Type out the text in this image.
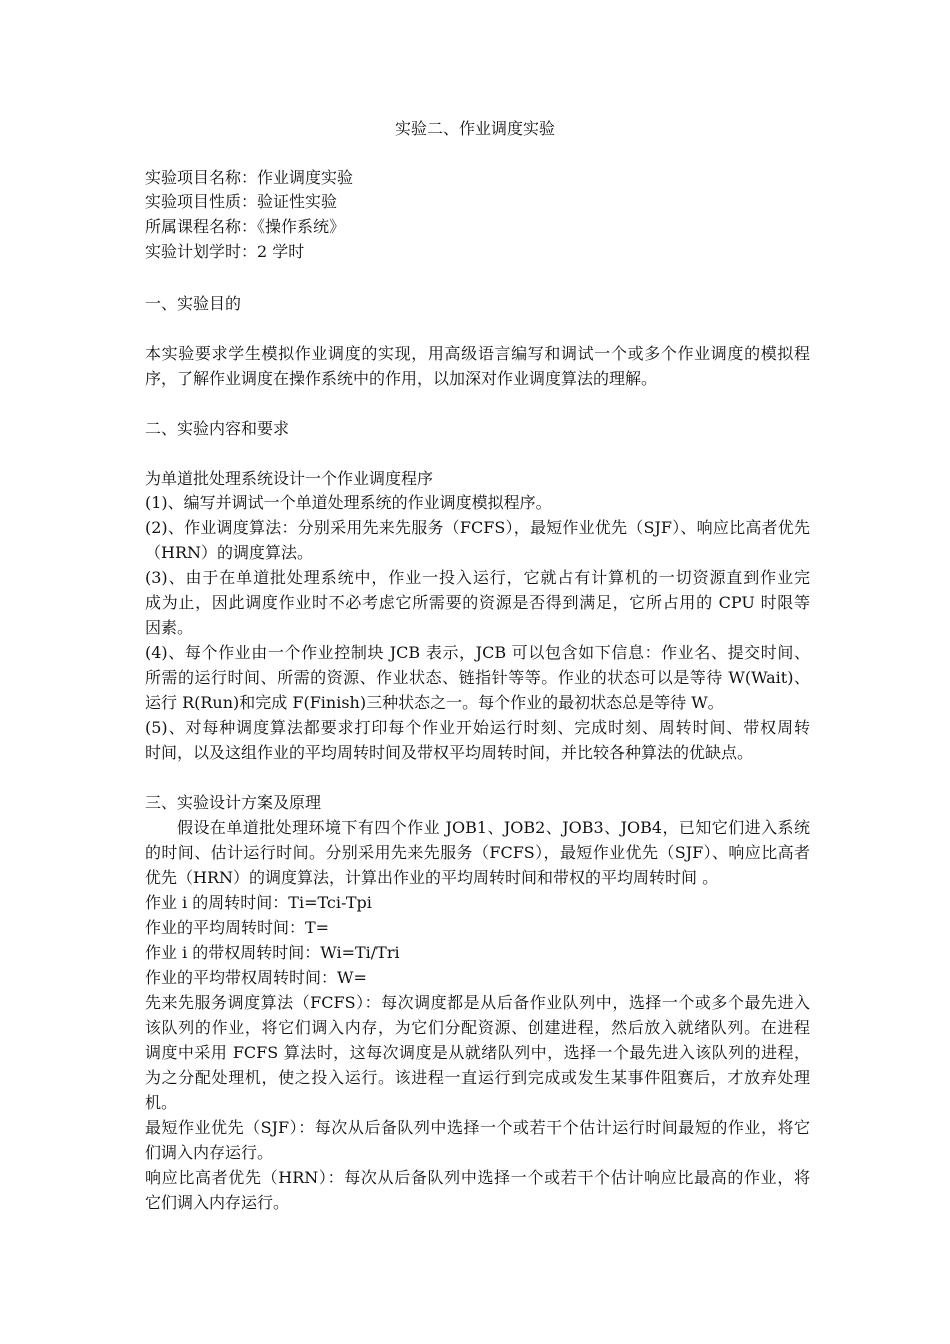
实验二、作业调度实验
实验项目名称：作业调度实验
实验项目性质：验证性实验
所属课程名称：《操作系统》
实验计划学时：2 学时
一、实验目的
本实验要求学生模拟作业调度的实现，用高级语言编写和调试一个或多个作业调度的模拟程
序，了解作业调度在操作系统中的作用，以加深对作业调度算法的理解。
二、实验内容和要求
为单道批处理系统设计一个作业调度程序
(1)、编写并调试一个单道处理系统的作业调度模拟程序。
(2)、作业调度算法：分别采用先来先服务（FCFS），最短作业优先（SJF）、响应比高者优先
（HRN）的调度算法。
(3)、由于在单道批处理系统中，作业一投入运行，它就占有计算机的一切资源直到作业完
成为止，因此调度作业时不必考虑它所需要的资源是否得到满足，它所占用的 CPU 时限等
因素。
(4)、每个作业由一个作业控制块 JCB 表示，JCB 可以包含如下信息：作业名、提交时间、
所需的运行时间、所需的资源、作业状态、链指针等等。作业的状态可以是等待 W(Wait)、
运行 R(Run)和完成 F(Finish)三种状态之一。每个作业的最初状态总是等待 W。
(5)、对每种调度算法都要求打印每个作业开始运行时刻、完成时刻、周转时间、带权周转
时间，以及这组作业的平均周转时间及带权平均周转时间，并比较各种算法的优缺点。
三、实验设计方案及原理
假设在单道批处理环境下有四个作业 JOB1、JOB2、JOB3、JOB4，已知它们进入系统
的时间、估计运行时间。分别采用先来先服务（FCFS），最短作业优先（SJF）、响应比高者
优先（HRN）的调度算法，计算出作业的平均周转时间和带权的平均周转时间 。
作业 i 的周转时间：Ti=Tci-Tpi
作业的平均周转时间：T=
作业 i 的带权周转时间：Wi=Ti/Tri
作业的平均带权周转时间：W=
先来先服务调度算法（FCFS）：每次调度都是从后备作业队列中，选择一个或多个最先进入
该队列的作业，将它们调入内存，为它们分配资源、创建进程，然后放入就绪队列。在进程
调度中采用 FCFS 算法时，这每次调度是从就绪队列中，选择一个最先进入该队列的进程，
为之分配处理机，使之投入运行。该进程一直运行到完成或发生某事件阻赛后，才放弃处理
机。
最短作业优先（SJF）：每次从后备队列中选择一个或若干个估计运行时间最短的作业，将它
们调入内存运行。
响应比高者优先（HRN）：每次从后备队列中选择一个或若干个估计响应比最高的作业，将
它们调入内存运行。
